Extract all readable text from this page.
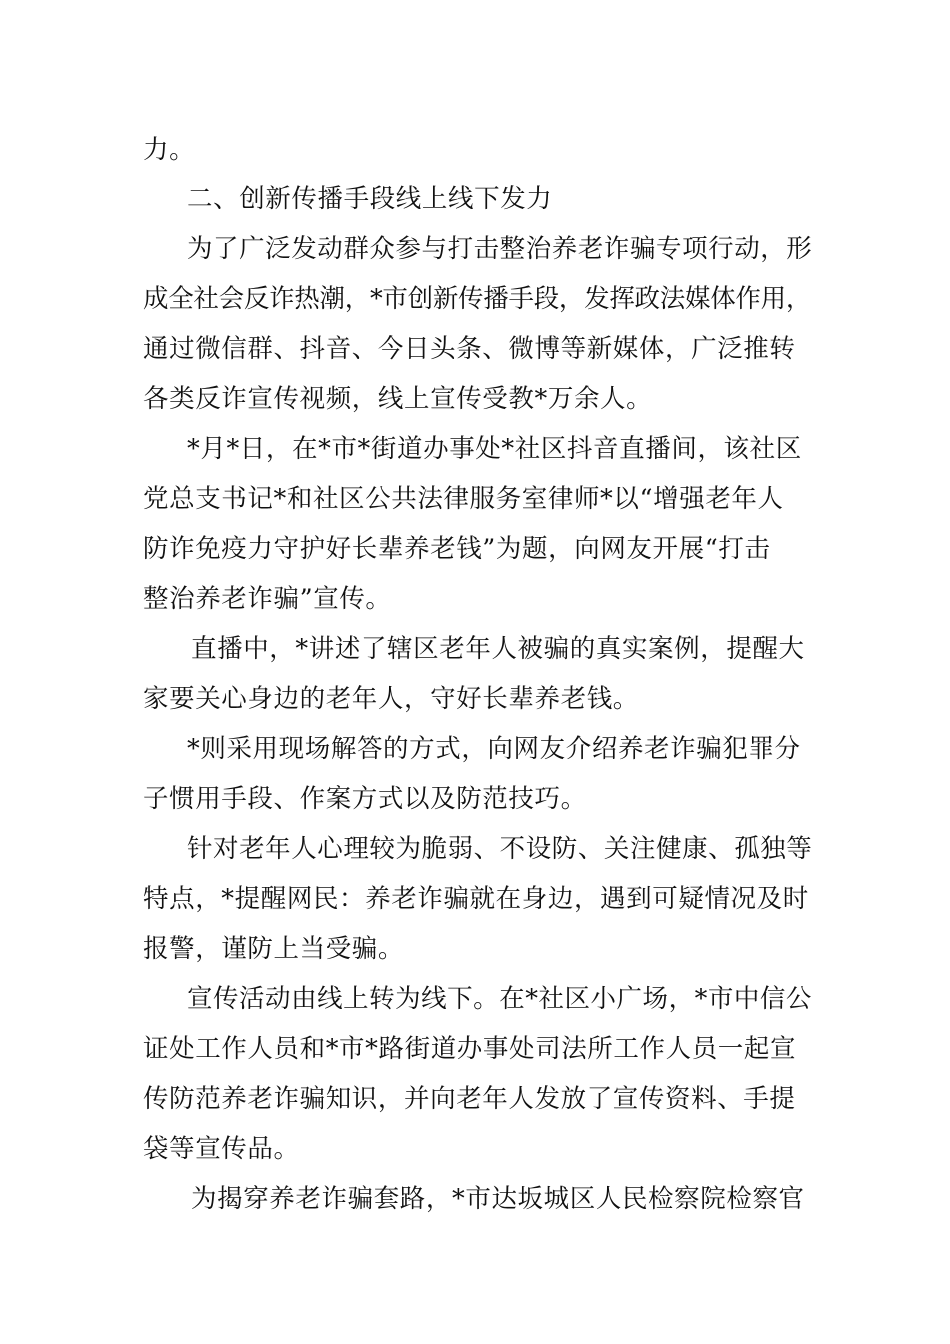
力。
二、创新传播手段线上线下发力
为了广泛发动群众参与打击整治养老诈骗专项行动，形
成全社会反诈热潮，*市创新传播手段，发挥政法媒体作用，
通过微信群、抖音、今日头条、微博等新媒体，广泛推转
各类反诈宣传视频，线上宣传受教*万余人。
*月*日，在*市*街道办事处*社区抖音直播间，该社区
党总支书记*和社区公共法律服务室律师*以“增强老年人
防诈免疫力守护好长辈养老钱”为题，向网友开展“打击
整治养老诈骗”宣传。
直播中，*讲述了辖区老年人被骗的真实案例，提醒大
家要关心身边的老年人，守好长辈养老钱。
*则采用现场解答的方式，向网友介绍养老诈骗犯罪分
子惯用手段、作案方式以及防范技巧。
针对老年人心理较为脆弱、不设防、关注健康、孤独等
特点，*提醒网民：养老诈骗就在身边，遇到可疑情况及时
报警，谨防上当受骗。
宣传活动由线上转为线下。在*社区小广场，*市中信公
证处工作人员和*市*路街道办事处司法所工作人员一起宣
传防范养老诈骗知识，并向老年人发放了宣传资料、手提
袋等宣传品。
为揭穿养老诈骗套路，*市达坂城区人民检察院检察官
